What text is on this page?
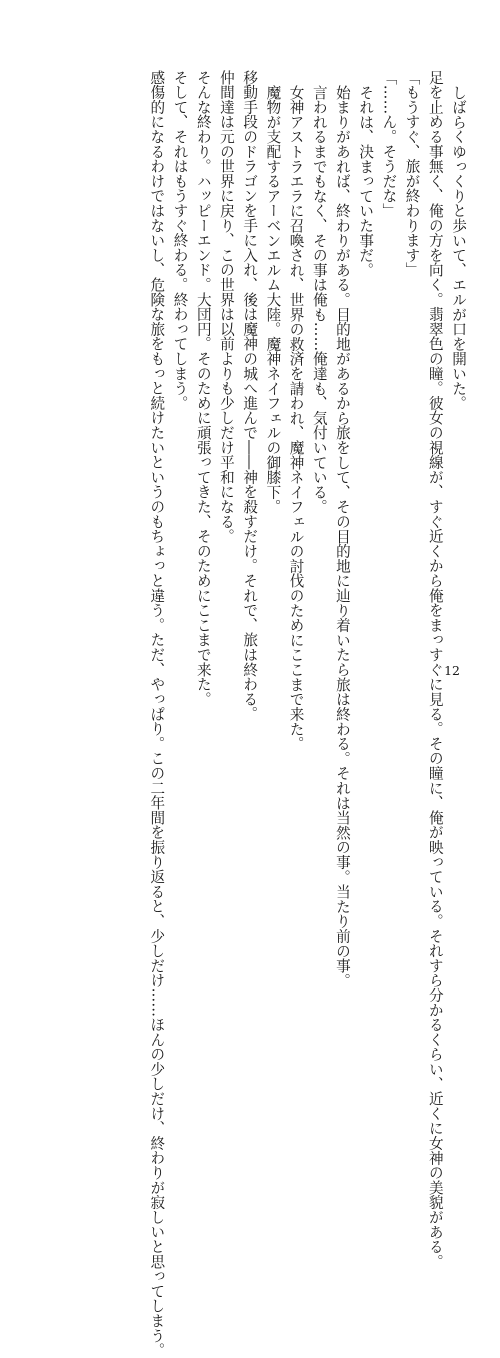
しばらくゆっくりと歩いて、エルが口を開いた。
足を止める事無く、俺の方を向く。翡翠色の瞳。彼女の視線が、すぐ近くから俺をまっすぐに見る。その瞳に、俺が映っている。それすら分かるくらい、近くに女神の美貌がある。
「もうすぐ、旅が終わります」
「……ん。そうだな」
それは、決まっていた事だ。
始まりがあれば、終わりがある。目的地があるから旅をして、その目的地に辿り着いたら旅は終わる。それは当然の事。当たり前の事。
言われるまでもなく、その事は俺も……俺達も、気付いている。
女神アストラエラに召喚され、世界の救済を請われ、魔神ネイフェルの討伐のためにここまで来た。
魔物が支配するアーベンエルム大陸。魔神ネイフェルの御膝下。
移動手段のドラゴンを手に入れ、後は魔神の城へ進んで――神を殺すだけ。それで、旅は終わる。
仲間達は元の世界に戻り、この世界は以前よりも少しだけ平和になる。
そんな終わり。ハッピーエンド。大団円。そのために頑張ってきた、そのためにここまで来た。
そして、それはもうすぐ終わる。終わってしまう。
感傷的になるわけではないし、危険な旅をもっと続けたいというのもちょっと違う。ただ、やっぱり。この二年間を振り返ると、少しだけ……ほんの少しだけ、終わりが寂しいと思ってしまう。
12
